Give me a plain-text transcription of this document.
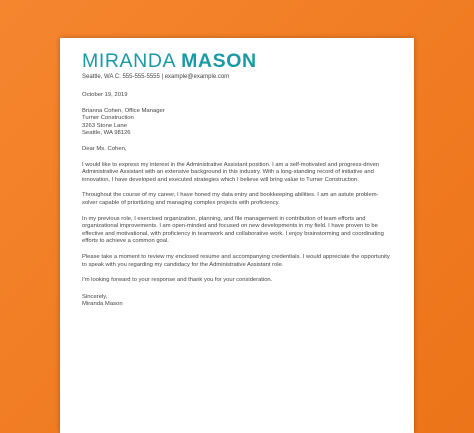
MIRANDA MASON
Seattle, WA C: 555-555-5555 | example@example.com
October 19, 2019
Brianna Cohen, Office Manager
Turner Construction
3263 Stone Lane
Seattle, WA 98126
Dear Ms. Cohen,
I would like to express my interest in the Administrative Assistant position. I am a self-motivated and progress-driven Administrative Assistant with an extensive background in this industry. With a long-standing record of initiative and innovation, I have developed and executed strategies which I believe will bring value to Turner Construction.
Throughout the course of my career, I have honed my data entry and bookkeeping abilities. I am an astute problem-solver capable of prioritizing and managing complex projects with proficiency.
In my previous role, I exercised organization, planning, and file management in contribution of team efforts and organizational improvements. I am open-minded and focused on new developments in my field. I have proven to be effective and motivational, with proficiency in teamwork and collaborative work. I enjoy brainstorming and coordinating efforts to achieve a common goal.
Please take a moment to review my enclosed resume and accompanying credentials. I would appreciate the opportunity to speak with you regarding my candidacy for the Administrative Assistant role.
I'm looking forward to your response and thank you for your consideration.
Sincerely,
Miranda Mason
